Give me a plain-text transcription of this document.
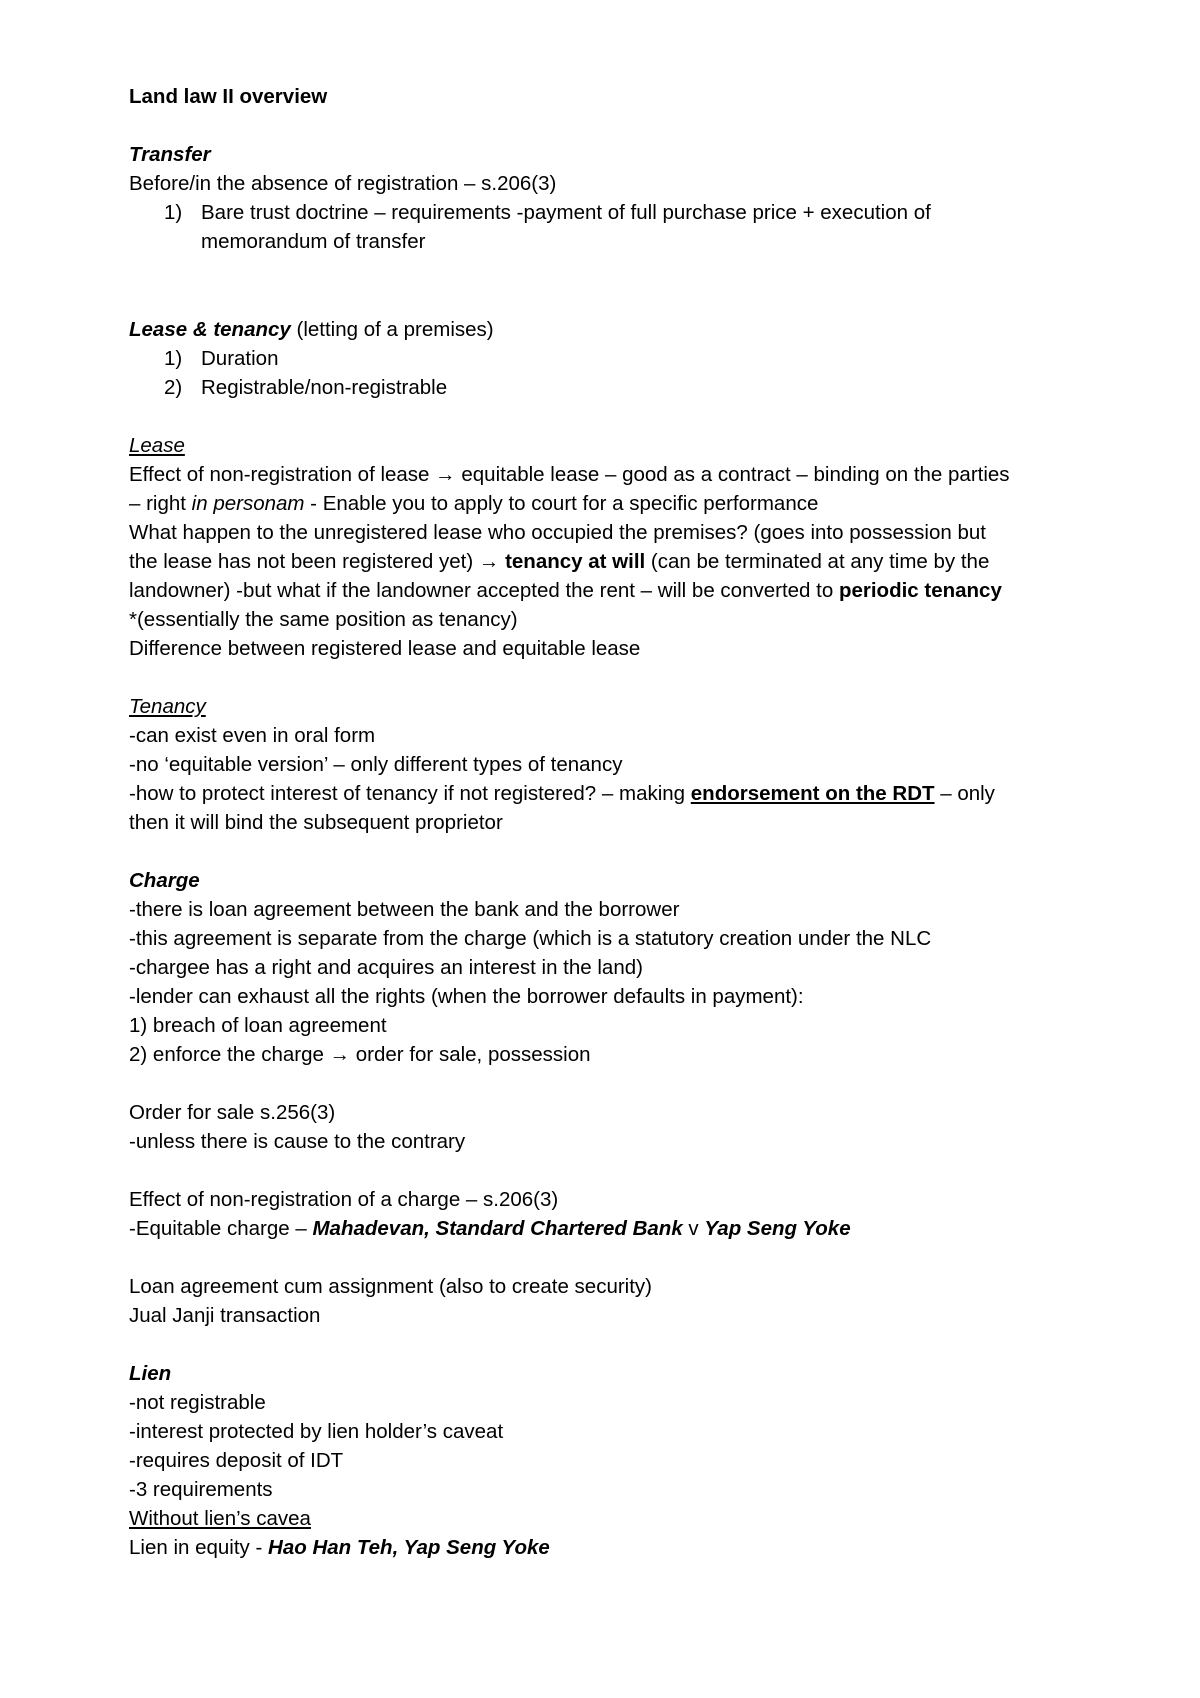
Land law II overview
Transfer
Before/in the absence of registration – s.206(3)
1) Bare trust doctrine – requirements -payment of full purchase price + execution of
memorandum of transfer
Lease & tenancy (letting of a premises)
1) Duration
2) Registrable/non-registrable
Lease
Effect of non-registration of lease → equitable lease – good as a contract – binding on the parties
– right in personam - Enable you to apply to court for a specific performance
What happen to the unregistered lease who occupied the premises? (goes into possession but
the lease has not been registered yet) → tenancy at will (can be terminated at any time by the
landowner) -but what if the landowner accepted the rent – will be converted to periodic tenancy
*(essentially the same position as tenancy)
Difference between registered lease and equitable lease
Tenancy
-can exist even in oral form
-no ‘equitable version’ – only different types of tenancy
-how to protect interest of tenancy if not registered? – making endorsement on the RDT – only
then it will bind the subsequent proprietor
Charge
-there is loan agreement between the bank and the borrower
-this agreement is separate from the charge (which is a statutory creation under the NLC
-chargee has a right and acquires an interest in the land)
-lender can exhaust all the rights (when the borrower defaults in payment):
1) breach of loan agreement
2) enforce the charge → order for sale, possession
Order for sale s.256(3)
-unless there is cause to the contrary
Effect of non-registration of a charge – s.206(3)
-Equitable charge – Mahadevan, Standard Chartered Bank v Yap Seng Yoke
Loan agreement cum assignment (also to create security)
Jual Janji transaction
Lien
-not registrable
-interest protected by lien holder’s caveat
-requires deposit of IDT
-3 requirements
Without lien’s cavea
Lien in equity - Hao Han Teh, Yap Seng Yoke
